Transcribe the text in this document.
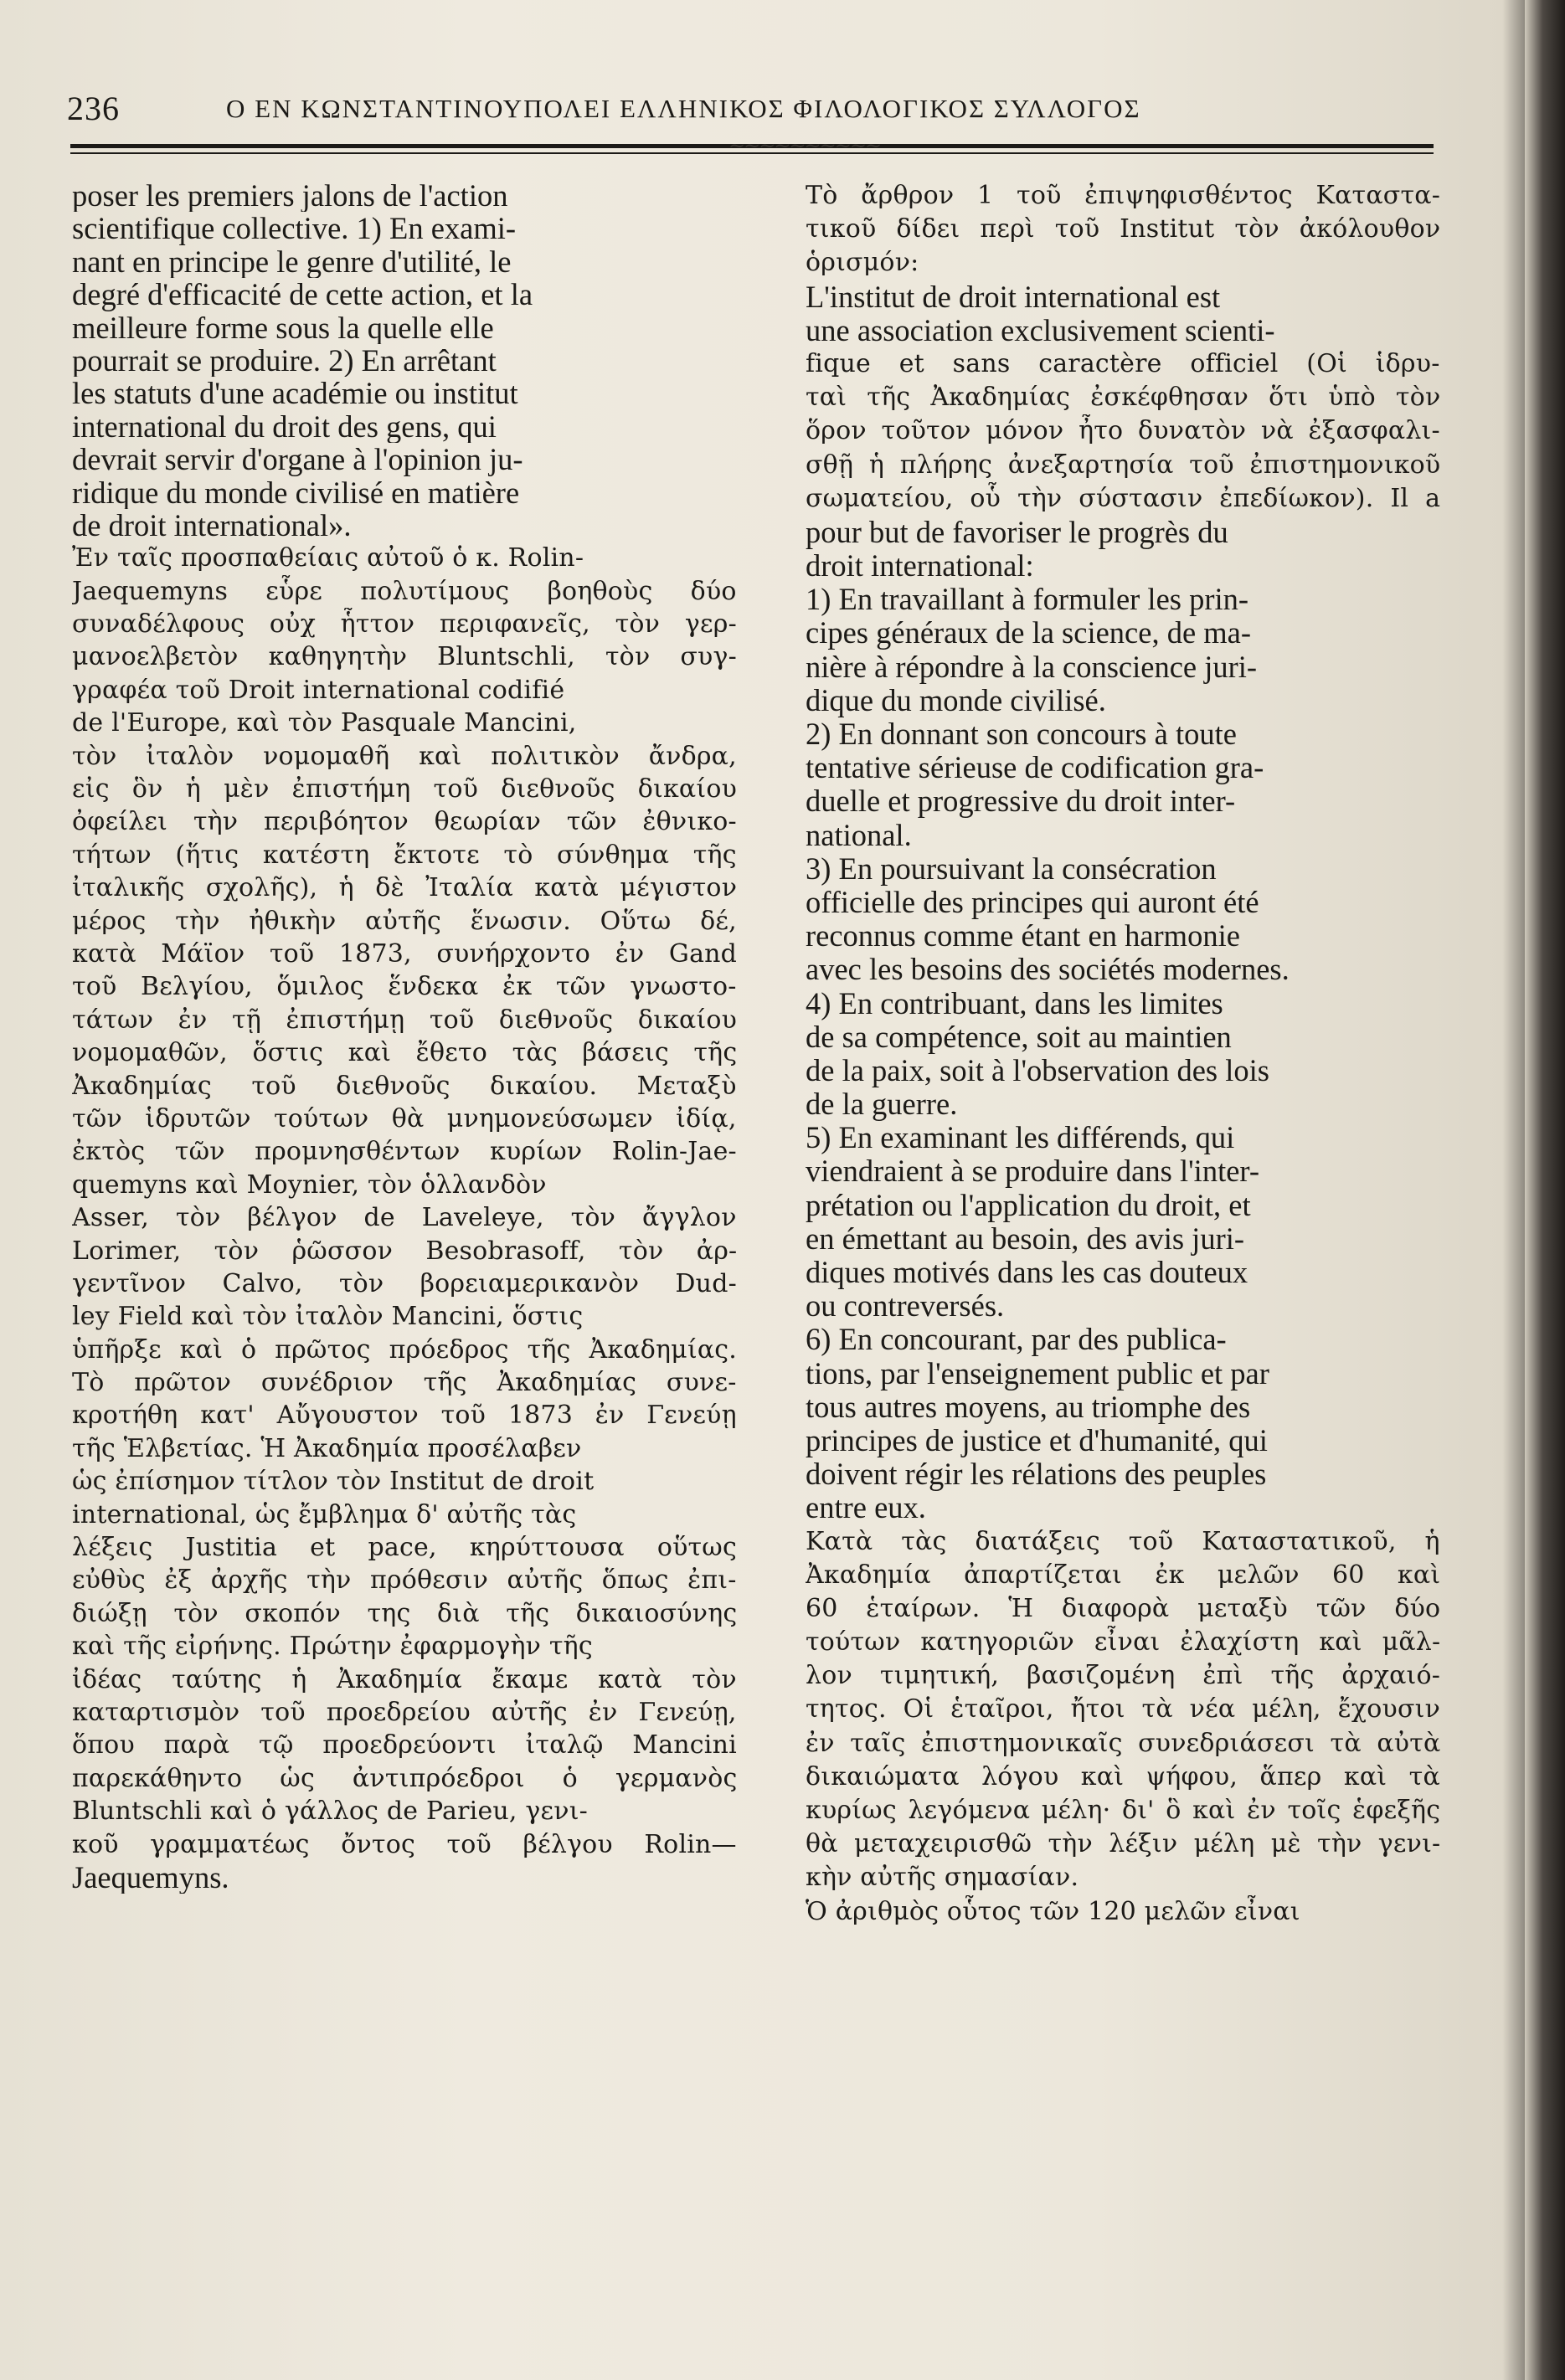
236	Ο ΕΝ ΚΩΝΣΤΑΝΤΙΝΟΥΠΟΛΕΙ ΕΛΛΗΝΙΚΟΣ ΦΙΛΟΛΟΓΙΚΟΣ ΣΥΛΛΟΓΟΣ
~~~~~~~~~~
poser les premiers jalons de l'action
scientifique collective. 1) En exami-
nant en principe le genre d'utilité, le
degré d'efficacité de cette action, et la
meilleure forme sous la quelle elle
pourrait se produire. 2) En arrêtant
les statuts d'une académie ou institut
international du droit des gens, qui
devrait servir d'organe à l'opinion ju-
ridique du monde civilisé en matière
de droit international».
Ἐν ταῖς προσπαθείαις αὐτοῦ ὁ κ. Rolin-
Jaequemyns εὗρε πολυτίμους βοηθοὺς δύο
συναδέλφους οὐχ ἧττον περιφανεῖς, τὸν γερ-
μανοελβετὸν καθηγητὴν Bluntschli, τὸν συγ-
γραφέα τοῦ Droit international codifié
de l'Europe, καὶ τὸν Pasquale Mancini,
τὸν ἰταλὸν νομομαθῆ καὶ πολιτικὸν ἄνδρα,
εἰς ὃν ἡ μὲν ἐπιστήμη τοῦ διεθνοῦς δικαίου
ὀφείλει τὴν περιβόητον θεωρίαν τῶν ἐθνικο-
τήτων (ἥτις κατέστη ἔκτοτε τὸ σύνθημα τῆς
ἰταλικῆς σχολῆς), ἡ δὲ Ἰταλία κατὰ μέγιστον
μέρος τὴν ἠθικὴν αὐτῆς ἕνωσιν. Οὕτω δέ,
κατὰ Μάϊον τοῦ 1873, συνήρχοντο ἐν Gand
τοῦ Βελγίου, ὅμιλος ἕνδεκα ἐκ τῶν γνωστο-
τάτων ἐν τῇ ἐπιστήμῃ τοῦ διεθνοῦς δικαίου
νομομαθῶν, ὅστις καὶ ἔθετο τὰς βάσεις τῆς
Ἀκαδημίας τοῦ διεθνοῦς δικαίου. Μεταξὺ
τῶν ἱδρυτῶν τούτων θὰ μνημονεύσωμεν ἰδίᾳ,
ἐκτὸς τῶν προμνησθέντων κυρίων Rolin-Jae-
quemyns καὶ Moynier, τὸν ὁλλανδὸν
Asser, τὸν βέλγον de Laveleye, τὸν ἄγγλον
Lorimer, τὸν ῥῶσσον Besobrasoff, τὸν ἀρ-
γεντῖνον Calvo, τὸν βορειαμερικανὸν Dud-
ley Field καὶ τὸν ἰταλὸν Mancini, ὅστις
ὑπῆρξε καὶ ὁ πρῶτος πρόεδρος τῆς Ἀκαδημίας.
Τὸ πρῶτον συνέδριον τῆς Ἀκαδημίας συνε-
κροτήθη κατ' Αὔγουστον τοῦ 1873 ἐν Γενεύῃ
τῆς Ἑλβετίας. Ἡ Ἀκαδημία προσέλαβεν
ὡς ἐπίσημον τίτλον τὸν Institut de droit
international, ὡς ἔμβλημα δ' αὐτῆς τὰς
λέξεις Justitia et pace, κηρύττουσα οὕτως
εὐθὺς ἐξ ἀρχῆς τὴν πρόθεσιν αὐτῆς ὅπως ἐπι-
διώξῃ τὸν σκοπόν της διὰ τῆς δικαιοσύνης
καὶ τῆς εἰρήνης. Πρώτην ἐφαρμογὴν τῆς
ἰδέας ταύτης ἡ Ἀκαδημία ἔκαμε κατὰ τὸν
καταρτισμὸν τοῦ προεδρείου αὐτῆς ἐν Γενεύῃ,
ὅπου παρὰ τῷ προεδρεύοντι ἰταλῷ Mancini
παρεκάθηντο ὡς ἀντιπρόεδροι ὁ γερμανὸς
Bluntschli καὶ ὁ γάλλος de Parieu, γενι-
κοῦ γραμματέως ὄντος τοῦ βέλγου Rolin—
Jaequemyns.
Τὸ ἄρθρον 1 τοῦ ἐπιψηφισθέντος Καταστα-
τικοῦ δίδει περὶ τοῦ Institut τὸν ἀκόλουθον
ὁρισμόν:
L'institut de droit international est
une association exclusivement scienti-
fique et sans caractère officiel (Οἱ ἱδρυ-
ταὶ τῆς Ἀκαδημίας ἐσκέφθησαν ὅτι ὑπὸ τὸν
ὅρον τοῦτον μόνον ἦτο δυνατὸν νὰ ἐξασφαλι-
σθῇ ἡ πλήρης ἀνεξαρτησία τοῦ ἐπιστημονικοῦ
σωματείου, οὗ τὴν σύστασιν ἐπεδίωκον). Il a
pour but de favoriser le progrès du
droit international:
1) En travaillant à formuler les prin-
cipes généraux de la science, de ma-
nière à répondre à la conscience juri-
dique du monde civilisé.
2) En donnant son concours à toute
tentative sérieuse de codification gra-
duelle et progressive du droit inter-
national.
3) En poursuivant la consécration
officielle des principes qui auront été
reconnus comme étant en harmonie
avec les besoins des sociétés modernes.
4) En contribuant, dans les limites
de sa compétence, soit au maintien
de la paix, soit à l'observation des lois
de la guerre.
5) En examinant les différends, qui
viendraient à se produire dans l'inter-
prétation ou l'application du droit, et
en émettant au besoin, des avis juri-
diques motivés dans les cas douteux
ou contreversés.
6) En concourant, par des publica-
tions, par l'enseignement public et par
tous autres moyens, au triomphe des
principes de justice et d'humanité, qui
doivent régir les rélations des peuples
entre eux.
Κατὰ τὰς διατάξεις τοῦ Καταστατικοῦ, ἡ
Ἀκαδημία ἀπαρτίζεται ἐκ μελῶν 60 καὶ
60 ἑταίρων. Ἡ διαφορὰ μεταξὺ τῶν δύο
τούτων κατηγοριῶν εἶναι ἐλαχίστη καὶ μᾶλ-
λον τιμητική, βασιζομένη ἐπὶ τῆς ἀρχαιό-
τητος. Οἱ ἑταῖροι, ἤτοι τὰ νέα μέλη, ἔχουσιν
ἐν ταῖς ἐπιστημονικαῖς συνεδριάσεσι τὰ αὐτὰ
δικαιώματα λόγου καὶ ψήφου, ἅπερ καὶ τὰ
κυρίως λεγόμενα μέλη· δι' ὃ καὶ ἐν τοῖς ἑφεξῆς
θὰ μεταχειρισθῶ τὴν λέξιν μέλη μὲ τὴν γενι-
κὴν αὐτῆς σημασίαν.
Ὁ ἀριθμὸς οὗτος τῶν 120 μελῶν εἶναι
